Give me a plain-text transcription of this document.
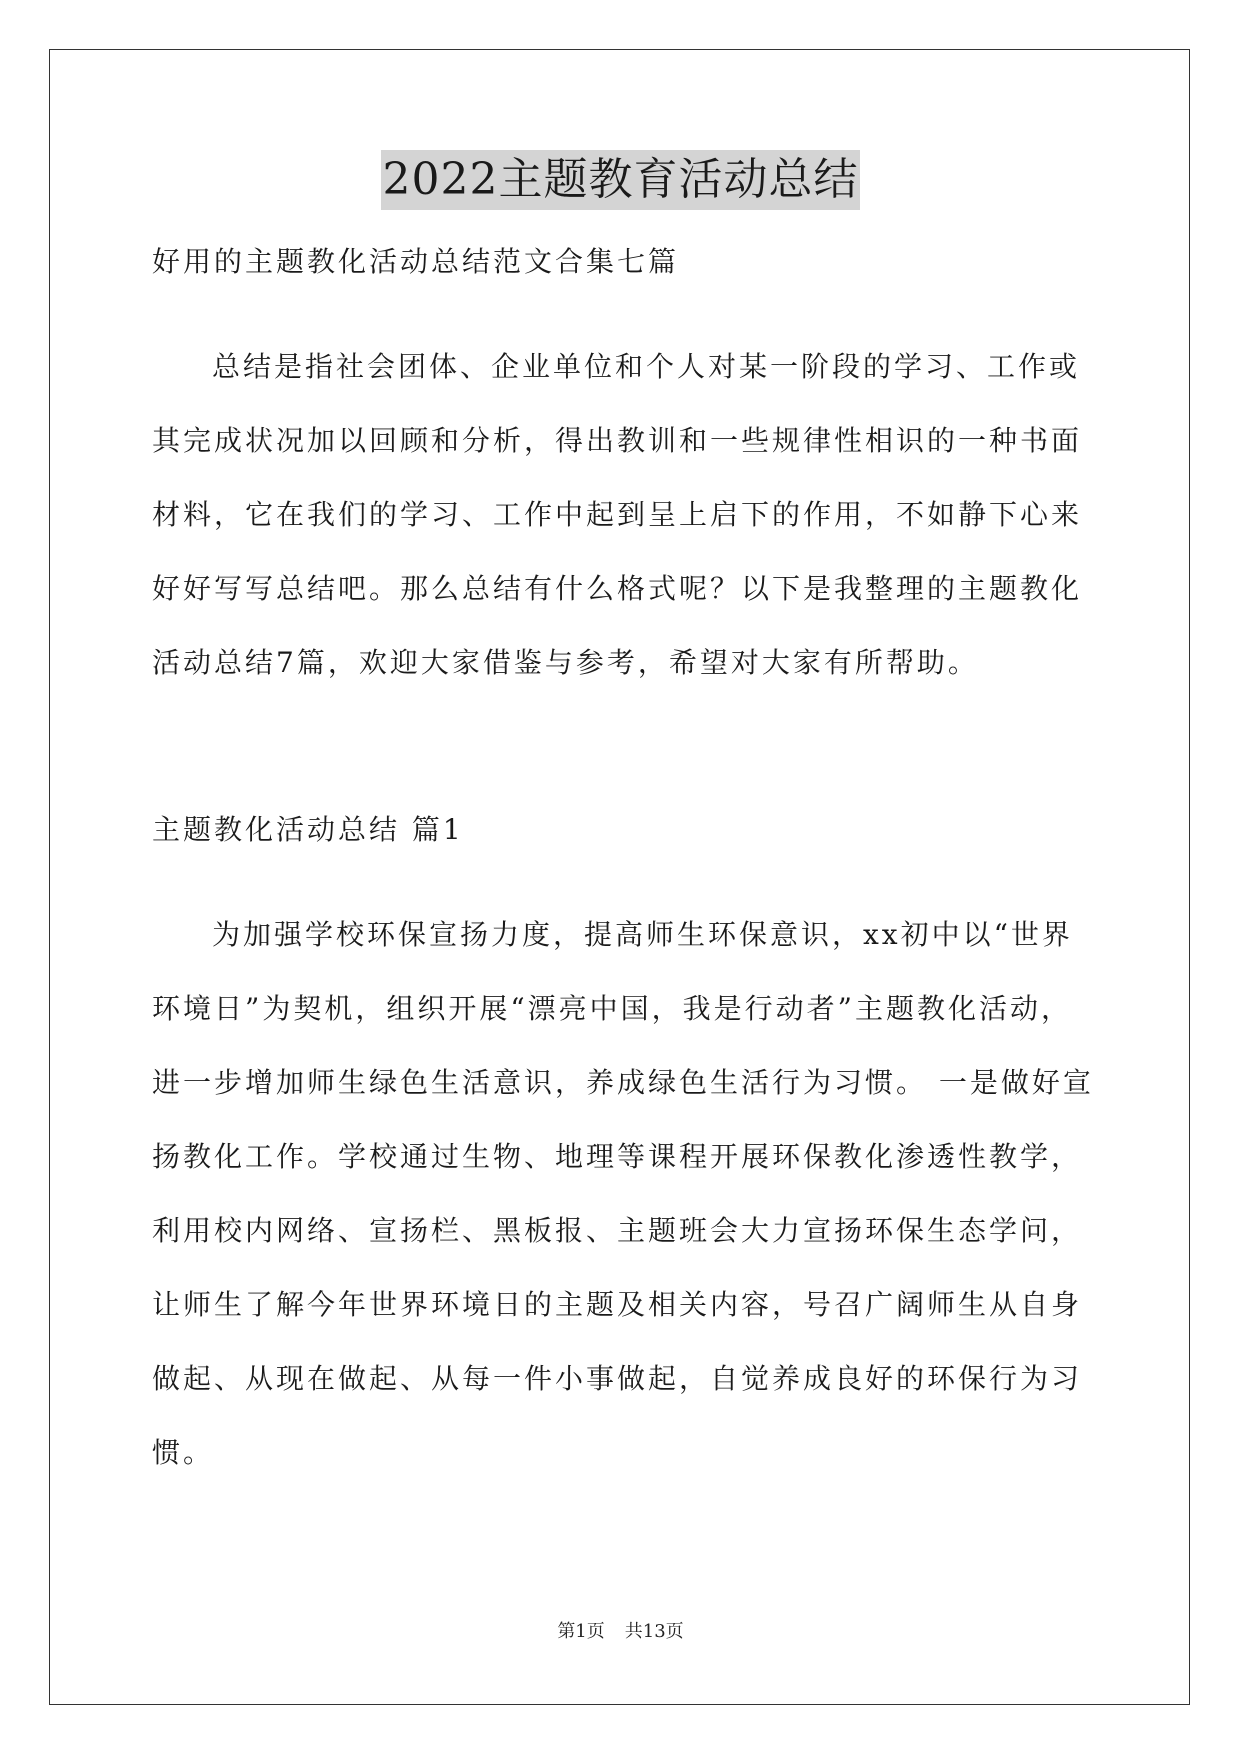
2022主题教育活动总结
好用的主题教化活动总结范文合集七篇
总结是指社会团体、企业单位和个人对某一阶段的学习、工作或
其完成状况加以回顾和分析，得出教训和一些规律性相识的一种书面
材料，它在我们的学习、工作中起到呈上启下的作用，不如静下心来
好好写写总结吧。那么总结有什么格式呢？以下是我整理的主题教化
活动总结7篇，欢迎大家借鉴与参考，希望对大家有所帮助。
主题教化活动总结 篇1
为加强学校环保宣扬力度，提高师生环保意识，xx初中以“世界
环境日”为契机，组织开展“漂亮中国，我是行动者”主题教化活动，
进一步增加师生绿色生活意识，养成绿色生活行为习惯。 一是做好宣
扬教化工作。学校通过生物、地理等课程开展环保教化渗透性教学，
利用校内网络、宣扬栏、黑板报、主题班会大力宣扬环保生态学问，
让师生了解今年世界环境日的主题及相关内容，号召广阔师生从自身
做起、从现在做起、从每一件小事做起，自觉养成良好的环保行为习
惯。
第1页 共13页
